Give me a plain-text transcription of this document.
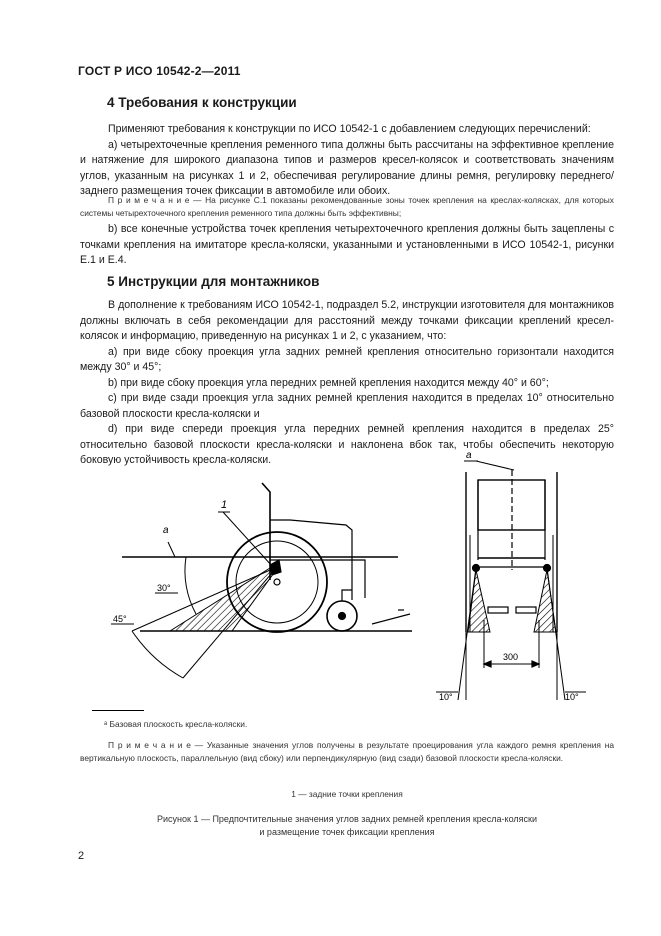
ГОСТ Р ИСО 10542-2—2011
4 Требования к конструкции

Применяют требования к конструкции по ИСО 10542-1 с добавлением следующих перечислений:

а) четырехточечные крепления ременного типа должны быть рассчитаны на эффективное крепление и натяжение для широкого диапазона типов и размеров кресел-колясок и соответствовать значениям углов, указанным на рисунках 1 и 2, обеспечивая регулирование длины ремня, регулировку переднего/заднего размещения точек фиксации в автомобиле или обоих.

П р и м е ч а н и е — На рисунке С.1 показаны рекомендованные зоны точек крепления на креслах-колясках, для которых системы четырехточечного крепления ременного типа должны быть эффективны;

b) все конечные устройства точек крепления четырехточечного крепления должны быть зацеплены с точками крепления на имитаторе кресла-коляски, указанными и установленными в ИСО 10542-1, рисунки Е.1 и Е.4.

5 Инструкции для монтажников

В дополнение к требованиям ИСО 10542-1, подраздел 5.2, инструкции изготовителя для монтажников должны включать в себя рекомендации для расстояний между точками фиксации креплений кресел-колясок и информацию, приведенную на рисунках 1 и 2, с указанием, что:

а) при виде сбоку проекция угла задних ремней крепления относительно горизонтали находится между 30° и 45°;

b) при виде сбоку проекция угла передних ремней крепления находится между 40° и 60°;

c) при виде сзади проекция угла задних ремней крепления находится в пределах 10° относительно базовой плоскости кресла-коляски и

d) при виде спереди проекция угла передних ремней крепления находится в пределах 25° относительно базовой плоскости кресла-коляски и наклонена вбок так, чтобы обеспечить некоторую боковую устойчивость кресла-коляски.

1
a
30°
45°
a
300
10°	10°

ᵃ Базовая плоскость кресла-коляски.

П р и м е ч а н и е — Указанные значения углов получены в результате проецирования угла каждого ремня крепления на вертикальную плоскость, параллельную (вид сбоку) или перпендикулярную (вид сзади) базовой плоскости кресла-коляски.

1 — задние точки крепления
Рисунок 1 — Предпочтительные значения углов задних ремней крепления кресла-коляски
и размещение точек фиксации крепления
2
